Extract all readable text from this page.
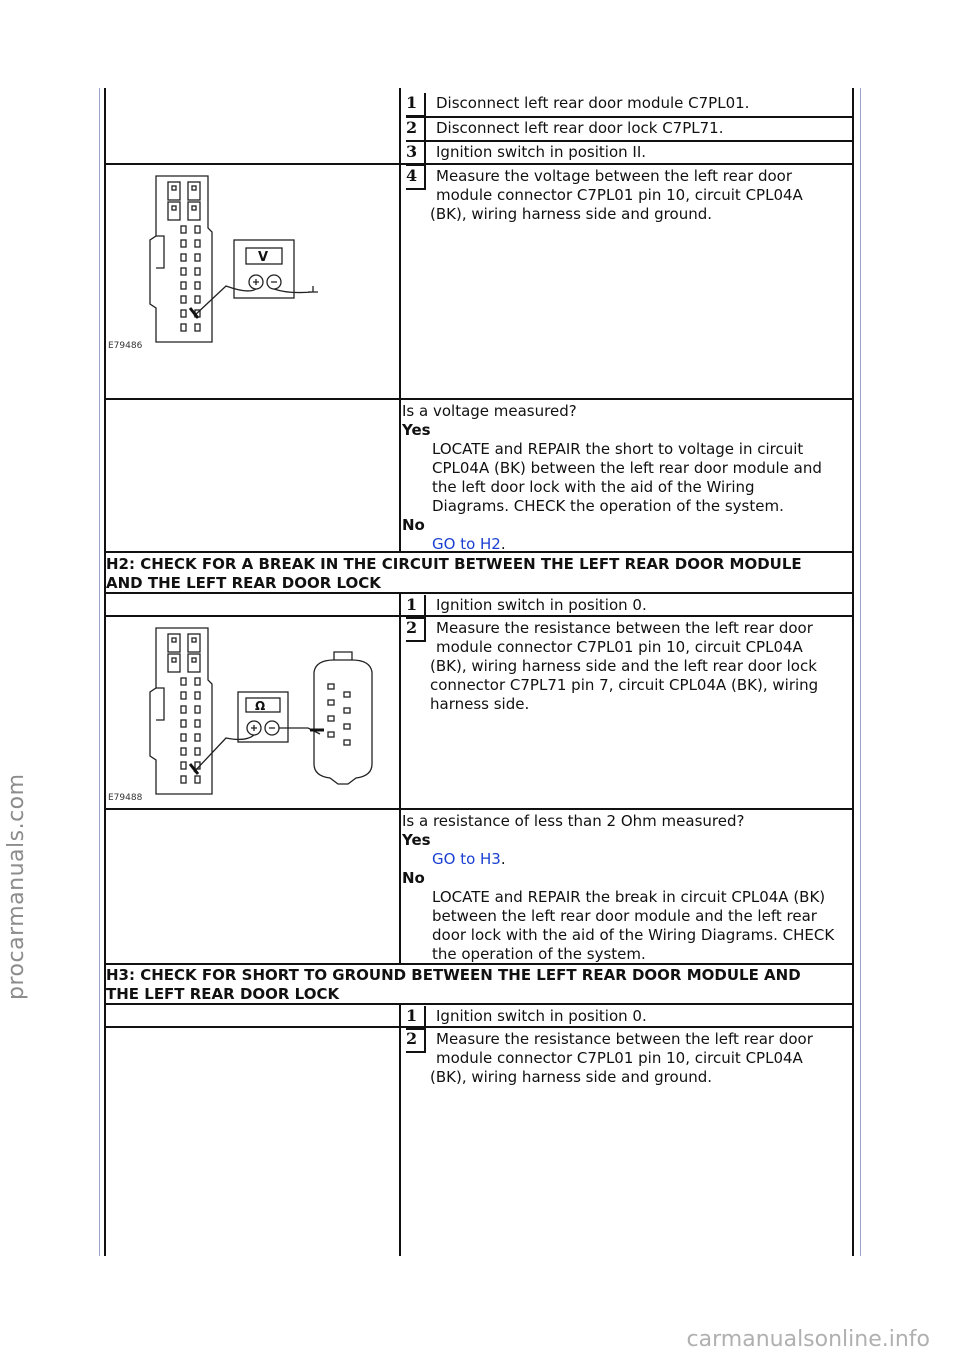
1	Disconnect left rear door module C7PL01.
2	Disconnect left rear door lock C7PL71.
3	Ignition switch in position II.
4	Measure the voltage between the left rear door
module connector C7PL01 pin 10, circuit CPL04A
(BK), wiring harness side and ground.
V
E79486
Is a voltage measured?
Yes
LOCATE and REPAIR the short to voltage in circuit
CPL04A (BK) between the left rear door module and
the left door lock with the aid of the Wiring
Diagrams. CHECK the operation of the system.
No
GO to H2.
H2: CHECK FOR A BREAK IN THE CIRCUIT BETWEEN THE LEFT REAR DOOR MODULE
AND THE LEFT REAR DOOR LOCK
1	Ignition switch in position 0.
2	Measure the resistance between the left rear door
module connector C7PL01 pin 10, circuit CPL04A
(BK), wiring harness side and the left rear door lock
connector C7PL71 pin 7, circuit CPL04A (BK), wiring
harness side.
Ω
E79488
Is a resistance of less than 2 Ohm measured?
Yes
GO to H3.
No
LOCATE and REPAIR the break in circuit CPL04A (BK)
between the left rear door module and the left rear
door lock with the aid of the Wiring Diagrams. CHECK
the operation of the system.
H3: CHECK FOR SHORT TO GROUND BETWEEN THE LEFT REAR DOOR MODULE AND
THE LEFT REAR DOOR LOCK
1	Ignition switch in position 0.
2	Measure the resistance between the left rear door
module connector C7PL01 pin 10, circuit CPL04A
(BK), wiring harness side and ground.
procarmanuals.com
carmanualsonline.info
